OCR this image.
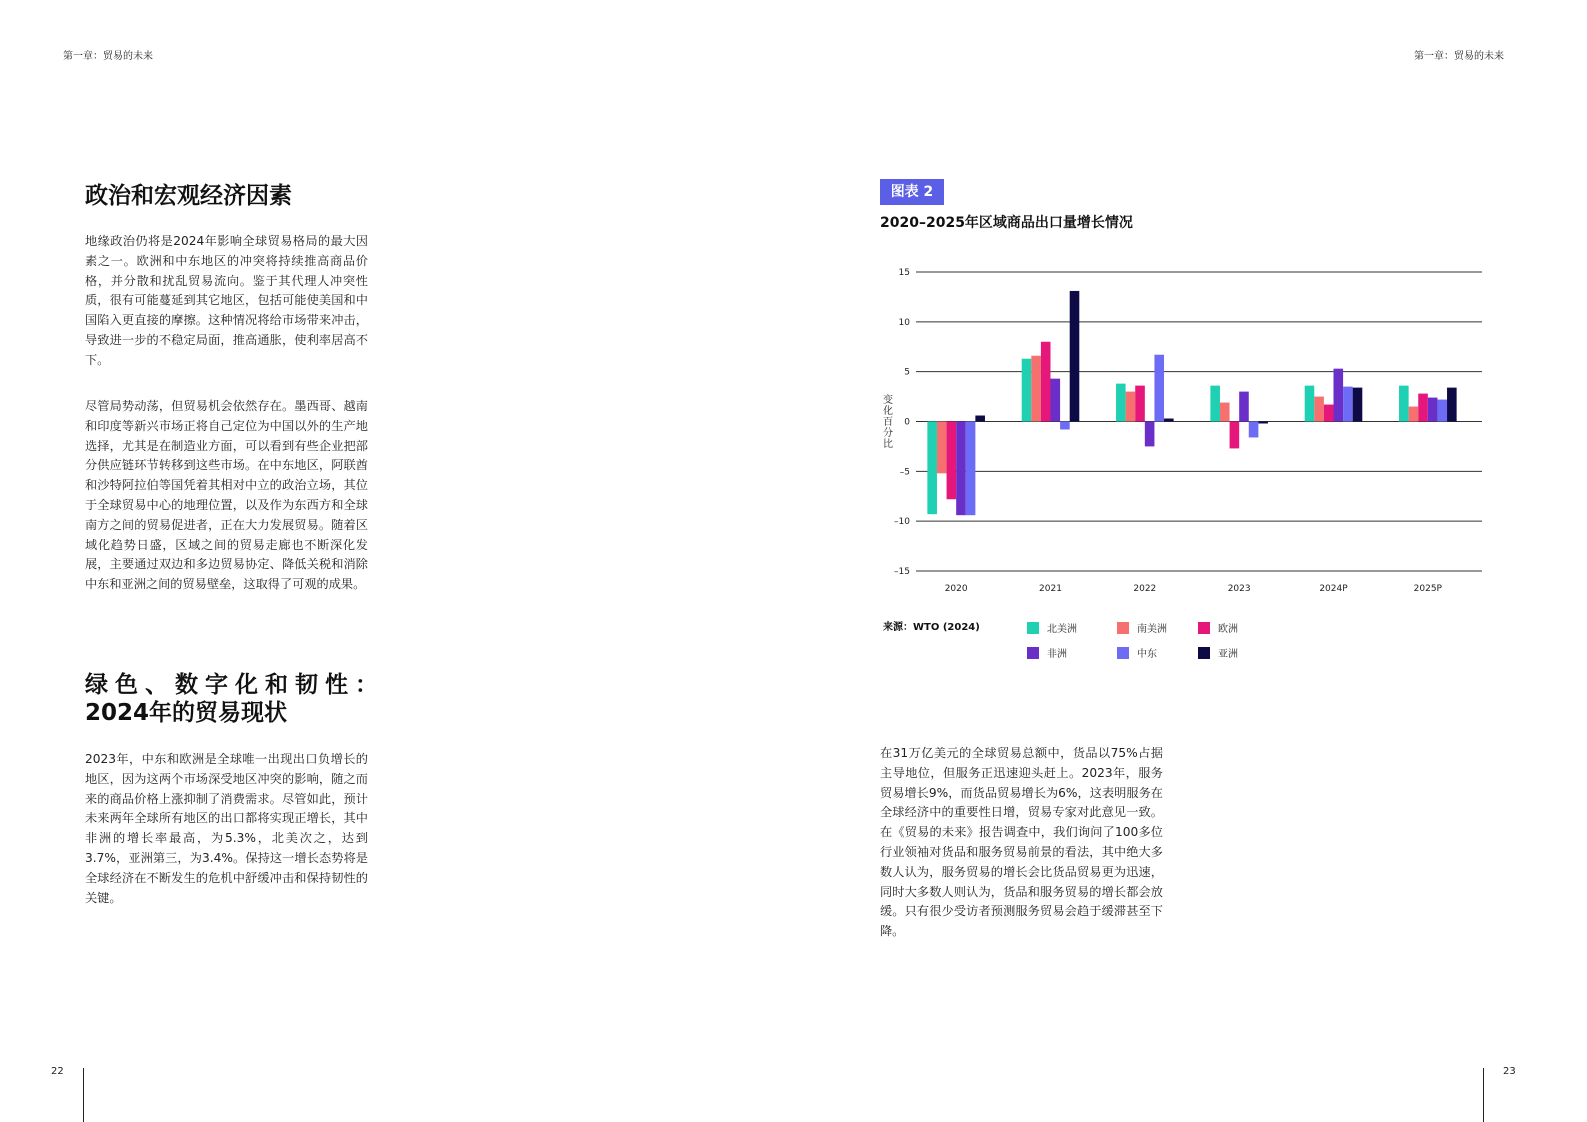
第一章：贸易的未来	第一章：贸易的未来
政治和宏观经济因素

地缘政治仍将是2024年影响全球贸易格局的最大因素之一。欧洲和中东地区的冲突将持续推高商品价格，并分散和扰乱贸易流向。鉴于其代理人冲突性质，很有可能蔓延到其它地区，包括可能使美国和中国陷入更直接的摩擦。这种情况将给市场带来冲击，导致进一步的不稳定局面，推高通胀，使利率居高不下。

尽管局势动荡，但贸易机会依然存在。墨西哥、越南和印度等新兴市场正将自己定位为中国以外的生产地选择，尤其是在制造业方面，可以看到有些企业把部分供应链环节转移到这些市场。在中东地区，阿联酋和沙特阿拉伯等国凭着其相对中立的政治立场，其位于全球贸易中心的地理位置，以及作为东西方和全球南方之间的贸易促进者，正在大力发展贸易。随着区域化趋势日盛，区域之间的贸易走廊也不断深化发展，主要通过双边和多边贸易协定、降低关税和消除中东和亚洲之间的贸易壁垒，这取得了可观的成果。

绿色、数字化和韧性：
2024年的贸易现状

2023年，中东和欧洲是全球唯一出现出口负增长的地区，因为这两个市场深受地区冲突的影响，随之而来的商品价格上涨抑制了消费需求。尽管如此，预计未来两年全球所有地区的出口都将实现正增长，其中非洲的增长率最高，为5.3%，北美次之，达到3.7%，亚洲第三，为3.4%。保持这一增长态势将是全球经济在不断发生的危机中舒缓冲击和保持韧性的关键。

图表 2
2020–2025年区域商品出口量增长情况
15
10
5
0
–5
–10
–15
变
化
百
分
比
2020	2021	2022	2023	2024P	2025P
来源：WTO (2024)	北美洲	南美洲	欧洲
非洲	中东	亚洲

在31万亿美元的全球贸易总额中，货品以75%占据主导地位，但服务正迅速迎头赶上。2023年，服务贸易增长9%，而货品贸易增长为6%，这表明服务在全球经济中的重要性日增，贸易专家对此意见一致。在《贸易的未来》报告调查中，我们询问了100多位行业领袖对货品和服务贸易前景的看法，其中绝大多数人认为，服务贸易的增长会比货品贸易更为迅速，同时大多数人则认为，货品和服务贸易的增长都会放缓。只有很少受访者预测服务贸易会趋于缓滞甚至下降。

22	23
